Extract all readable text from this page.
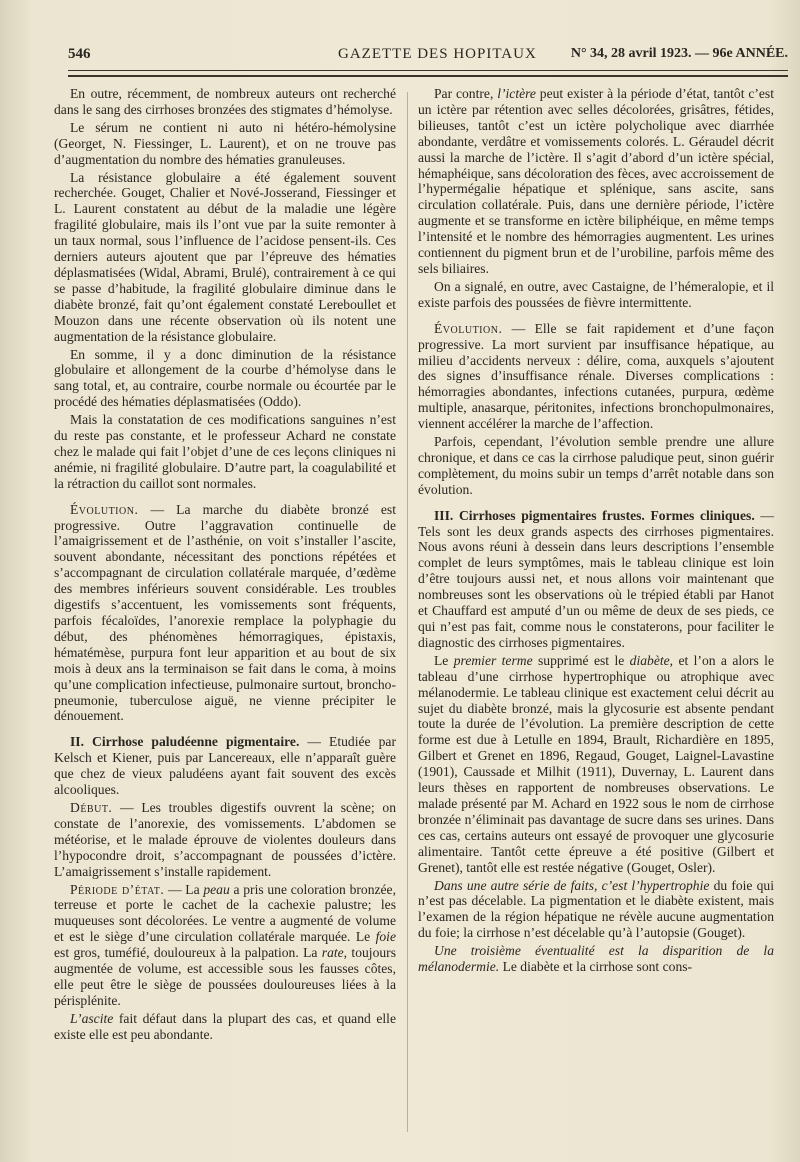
546	GAZETTE DES HOPITAUX N° 34, 28 avril 1923. — 96e ANNÉE.

En outre, récemment, de nombreux auteurs ont recherché dans le sang des cirrhoses bronzées des stigmates d’hémolyse.

Le sérum ne contient ni auto ni hétéro-hémolysine (Georget, N. Fiessinger, L. Laurent), et on ne trouve pas d’augmentation du nombre des hématies granuleuses.

La résistance globulaire a été également souvent recherchée. Gouget, Chalier et Nové-Josserand, Fiessinger et L. Laurent constatent au début de la maladie une légère fragilité globulaire, mais ils l’ont vue par la suite remonter à un taux normal, sous l’influence de l’acidose pensent-ils. Ces derniers auteurs ajoutent que par l’épreuve des hématies déplasmatisées (Widal, Abrami, Brulé), contrairement à ce qui se passe d’habitude, la fragilité globulaire diminue dans le diabète bronzé, fait qu’ont également constaté Lereboullet et Mouzon dans une récente observation où ils notent une augmentation de la résistance globulaire.

En somme, il y a donc diminution de la résistance globulaire et allongement de la courbe d’hémolyse dans le sang total, et, au contraire, courbe normale ou écourtée par le procédé des hématies déplasmatisées (Oddo).

Mais la constatation de ces modifications sanguines n’est du reste pas constante, et le professeur Achard ne constate chez le malade qui fait l’objet d’une de ces leçons cliniques ni anémie, ni fragilité globulaire. D’autre part, la coagulabilité et la rétraction du caillot sont normales.

Évolution. — La marche du diabète bronzé est progressive. Outre l’aggravation continuelle de l’amaigrissement et de l’asthénie, on voit s’installer l’ascite, souvent abondante, nécessitant des ponctions répétées et s’accompagnant de circulation collatérale marquée, d’œdème des membres inférieurs souvent considérable. Les troubles digestifs s’accentuent, les vomissements sont fréquents, parfois fécaloïdes, l’anorexie remplace la polyphagie du début, des phénomènes hémorragiques, épistaxis, hématémèse, purpura font leur apparition et au bout de six mois à deux ans la terminaison se fait dans le coma, à moins qu’une complication infectieuse, pulmonaire surtout, broncho-pneumonie, tuberculose aiguë, ne vienne précipiter le dénouement.

II. Cirrhose paludéenne pigmentaire. — Etudiée par Kelsch et Kiener, puis par Lancereaux, elle n’apparaît guère que chez de vieux paludéens ayant fait souvent des excès alcooliques.

Début. — Les troubles digestifs ouvrent la scène; on constate de l’anorexie, des vomissements. L’abdomen se météorise, et le malade éprouve de violentes douleurs dans l’hypocondre droit, s’accompagnant de poussées d’ictère. L’amaigrissement s’installe rapidement.

Période d’état. — La peau a pris une coloration bronzée, terreuse et porte le cachet de la cachexie palustre; les muqueuses sont décolorées. Le ventre a augmenté de volume et est le siège d’une circulation collatérale marquée. Le foie est gros, tuméfié, douloureux à la palpation. La rate, toujours augmentée de volume, est accessible sous les fausses côtes, elle peut être le siège de poussées douloureuses liées à la périsplénite.

L’ascite fait défaut dans la plupart des cas, et quand elle existe elle est peu abondante.

Par contre, l’ictère peut exister à la période d’état, tantôt c’est un ictère par rétention avec selles décolorées, grisâtres, fétides, bilieuses, tantôt c’est un ictère polycholique avec diarrhée abondante, verdâtre et vomissements colorés. L. Géraudel décrit aussi la marche de l’ictère. Il s’agit d’abord d’un ictère spécial, hémaphéique, sans décoloration des fèces, avec accroissement de l’hypermégalie hépatique et splénique, sans ascite, sans circulation collatérale. Puis, dans une dernière période, l’ictère augmente et se transforme en ictère biliphéique, en même temps l’intensité et le nombre des hémorragies augmentent. Les urines contiennent du pigment brun et de l’urobiline, parfois même des sels biliaires.

On a signalé, en outre, avec Castaigne, de l’hémeralopie, et il existe parfois des poussées de fièvre intermittente.

Évolution. — Elle se fait rapidement et d’une façon progressive. La mort survient par insuffisance hépatique, au milieu d’accidents nerveux : délire, coma, auxquels s’ajoutent des signes d’insuffisance rénale. Diverses complications : hémorragies abondantes, infections cutanées, purpura, œdème multiple, anasarque, péritonites, infections bronchopulmonaires, viennent accélérer la marche de l’affection.

Parfois, cependant, l’évolution semble prendre une allure chronique, et dans ce cas la cirrhose paludique peut, sinon guérir complètement, du moins subir un temps d’arrêt notable dans son évolution.

III. Cirrhoses pigmentaires frustes. Formes cliniques. — Tels sont les deux grands aspects des cirrhoses pigmentaires. Nous avons réuni à dessein dans leurs descriptions l’ensemble complet de leurs symptômes, mais le tableau clinique est loin d’être toujours aussi net, et nous allons voir maintenant que nombreuses sont les observations où le trépied établi par Hanot et Chauffard est amputé d’un ou même de deux de ses pieds, ce qui n’est pas fait, comme nous le constaterons, pour faciliter le diagnostic des cirrhoses pigmentaires.

Le premier terme supprimé est le diabète, et l’on a alors le tableau d’une cirrhose hypertrophique ou atrophique avec mélanodermie. Le tableau clinique est exactement celui décrit au sujet du diabète bronzé, mais la glycosurie est absente pendant toute la durée de l’évolution. La première description de cette forme est due à Letulle en 1894, Brault, Richardière en 1895, Gilbert et Grenet en 1896, Regaud, Gouget, Laignel-Lavastine (1901), Caussade et Milhit (1911), Duvernay, L. Laurent dans leurs thèses en rapportent de nombreuses observations. Le malade présenté par M. Achard en 1922 sous le nom de cirrhose bronzée n’éliminait pas davantage de sucre dans ses urines. Dans ces cas, certains auteurs ont essayé de provoquer une glycosurie alimentaire. Tantôt cette épreuve a été positive (Gilbert et Grenet), tantôt elle est restée négative (Gouget, Osler).

Dans une autre série de faits, c’est l’hypertrophie du foie qui n’est pas décelable. La pigmentation et le diabète existent, mais l’examen de la région hépatique ne révèle aucune augmentation du foie; la cirrhose n’est décelable qu’à l’autopsie (Gouget).

Une troisième éventualité est la disparition de la mélanodermie. Le diabète et la cirrhose sont cons-
